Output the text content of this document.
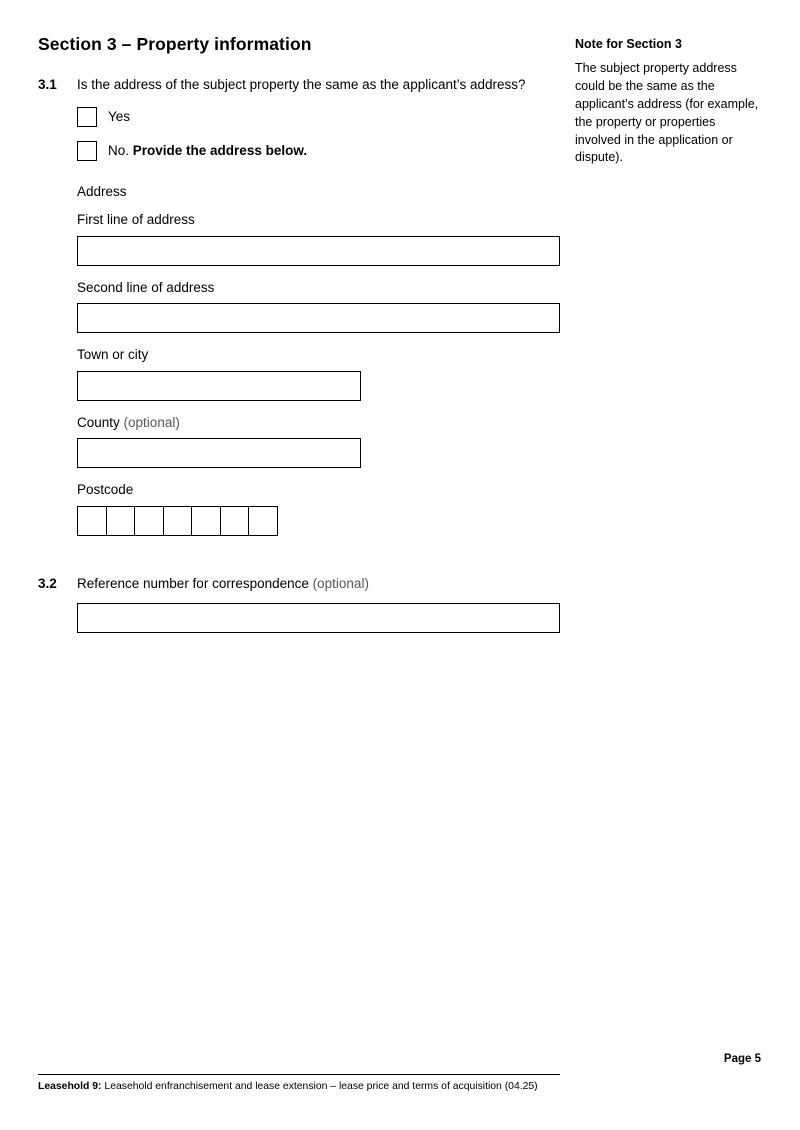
Section 3 – Property information
3.1	Is the address of the subject property the same as the applicant’s address?

Yes
No. Provide the address below.

Address

First line of address
Second line of address
Town or city
County (optional)
Postcode
3.2	Reference number for correspondence (optional)
Note for Section 3

The subject property address could be the same as the applicant’s address (for example, the property or properties involved in the application or dispute).

Page 5
Leasehold 9: Leasehold enfranchisement and lease extension – lease price and terms of acquisition (04.25)
